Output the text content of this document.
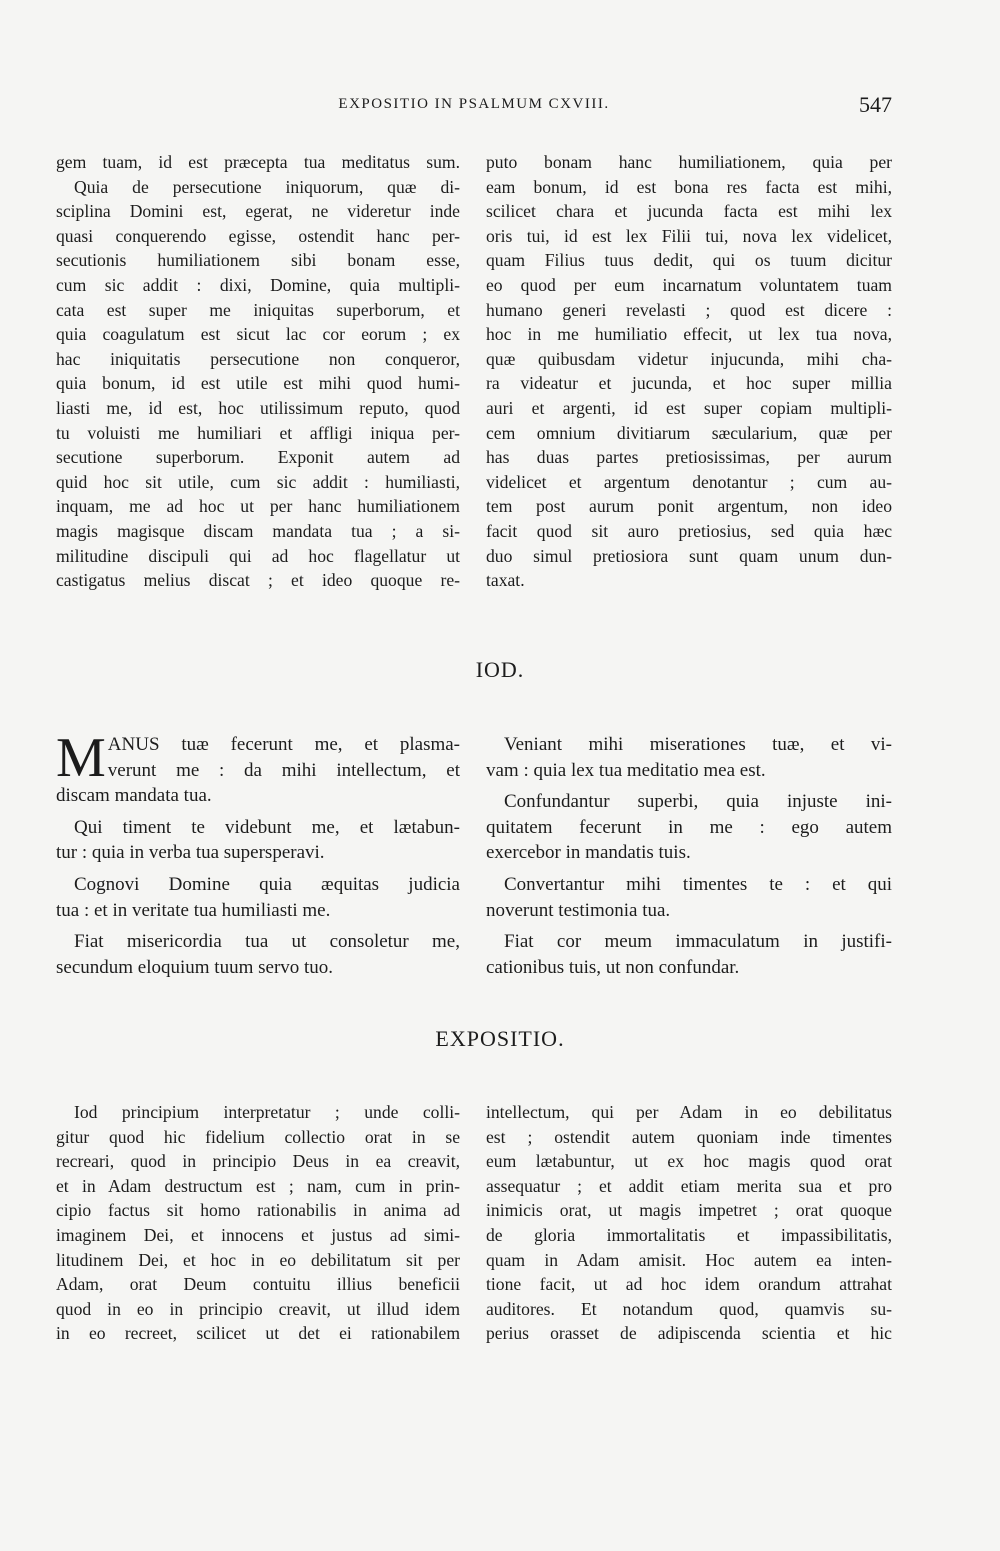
EXPOSITIO IN PSALMUM CXVIII.	547
gem tuam, id est præcepta tua meditatus sum.
Quia de persecutione iniquorum, quæ di-
sciplina Domini est, egerat, ne videretur inde
quasi conquerendo egisse, ostendit hanc per-
secutionis humiliationem sibi bonam esse,
cum sic addit : dixi, Domine, quia multipli-
cata est super me iniquitas superborum, et
quia coagulatum est sicut lac cor eorum ; ex
hac iniquitatis persecutione non conqueror,
quia bonum, id est utile est mihi quod humi-
liasti me, id est, hoc utilissimum reputo, quod
tu voluisti me humiliari et affligi iniqua per-
secutione superborum. Exponit autem ad
quid hoc sit utile, cum sic addit : humiliasti,
inquam, me ad hoc ut per hanc humiliationem
magis magisque discam mandata tua ; a si-
militudine discipuli qui ad hoc flagellatur ut
castigatus melius discat ; et ideo quoque re-
puto bonam hanc humiliationem, quia per
eam bonum, id est bona res facta est mihi,
scilicet chara et jucunda facta est mihi lex
oris tui, id est lex Filii tui, nova lex videlicet,
quam Filius tuus dedit, qui os tuum dicitur
eo quod per eum incarnatum voluntatem tuam
humano generi revelasti ; quod est dicere :
hoc in me humiliatio effecit, ut lex tua nova,
quæ quibusdam videtur injucunda, mihi cha-
ra videatur et jucunda, et hoc super millia
auri et argenti, id est super copiam multipli-
cem omnium divitiarum sæcularium, quæ per
has duas partes pretiosissimas, per aurum
videlicet et argentum denotantur ; cum au-
tem post aurum ponit argentum, non ideo
facit quod sit auro pretiosius, sed quia hæc
duo simul pretiosiora sunt quam unum dun-
taxat.
IOD.
M ANUS tuæ fecerunt me, et plasma-
verunt me : da mihi intellectum, et
discam mandata tua.
Qui timent te videbunt me, et lætabun-
tur : quia in verba tua supersperavi.
Cognovi Domine quia æquitas judicia
tua : et in veritate tua humiliasti me.
Fiat misericordia tua ut consoletur me,
secundum eloquium tuum servo tuo.
Veniant mihi miserationes tuæ, et vi-
vam : quia lex tua meditatio mea est.
Confundantur superbi, quia injuste ini-
quitatem fecerunt in me : ego autem
exercebor in mandatis tuis.
Convertantur mihi timentes te : et qui
noverunt testimonia tua.
Fiat cor meum immaculatum in justifi-
cationibus tuis, ut non confundar.
EXPOSITIO.
Iod principium interpretatur ; unde colli-
gitur quod hic fidelium collectio orat in se
recreari, quod in principio Deus in ea creavit,
et in Adam destructum est ; nam, cum in prin-
cipio factus sit homo rationabilis in anima ad
imaginem Dei, et innocens et justus ad simi-
litudinem Dei, et hoc in eo debilitatum sit per
Adam, orat Deum contuitu illius beneficii
quod in eo in principio creavit, ut illud idem
in eo recreet, scilicet ut det ei rationabilem
intellectum, qui per Adam in eo debilitatus
est ; ostendit autem quoniam inde timentes
eum lætabuntur, ut ex hoc magis quod orat
assequatur ; et addit etiam merita sua et pro
inimicis orat, ut magis impetret ; orat quoque
de gloria immortalitatis et impassibilitatis,
quam in Adam amisit. Hoc autem ea inten-
tione facit, ut ad hoc idem orandum attrahat
auditores. Et notandum quod, quamvis su-
perius orasset de adipiscenda scientia et hic
